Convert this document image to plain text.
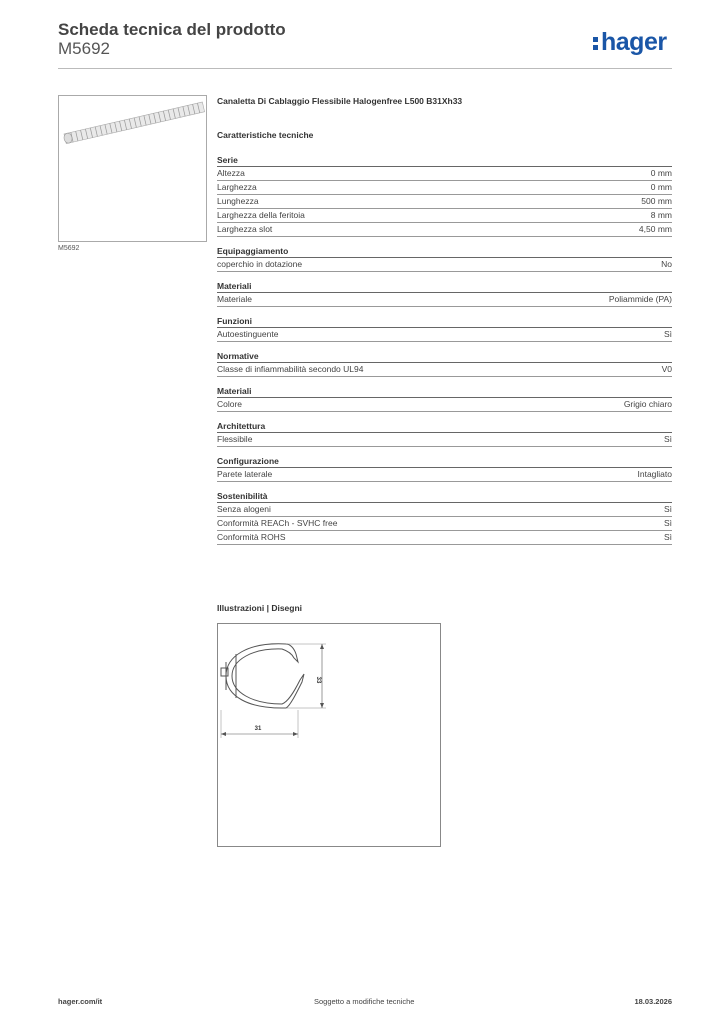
Scheda tecnica del prodotto
M5692	hager
M5692
Canaletta Di Cablaggio Flessibile Halogenfree L500 B31Xh33
Caratteristiche tecniche
Serie
Altezza	0 mm
Larghezza	0 mm
Lunghezza	500 mm
Larghezza della feritoia	8 mm
Larghezza slot	4,50 mm
Equipaggiamento
coperchio in dotazione	No
Materiali
Materiale	Poliammide (PA)
Funzioni
Autoestinguente	Sì
Normative
Classe di infiammabilità secondo UL94	V0
Materiali
Colore	Grigio chiaro
Architettura
Flessibile	Sì
Configurazione
Parete laterale	Intagliato
Sostenibilità
Senza alogeni	Sì
Conformità REACh - SVHC free	Sì
Conformità ROHS	Sì
Illustrazioni | Disegni
33
31
hager.com/it	Soggetto a modifiche tecniche	18.03.2026
